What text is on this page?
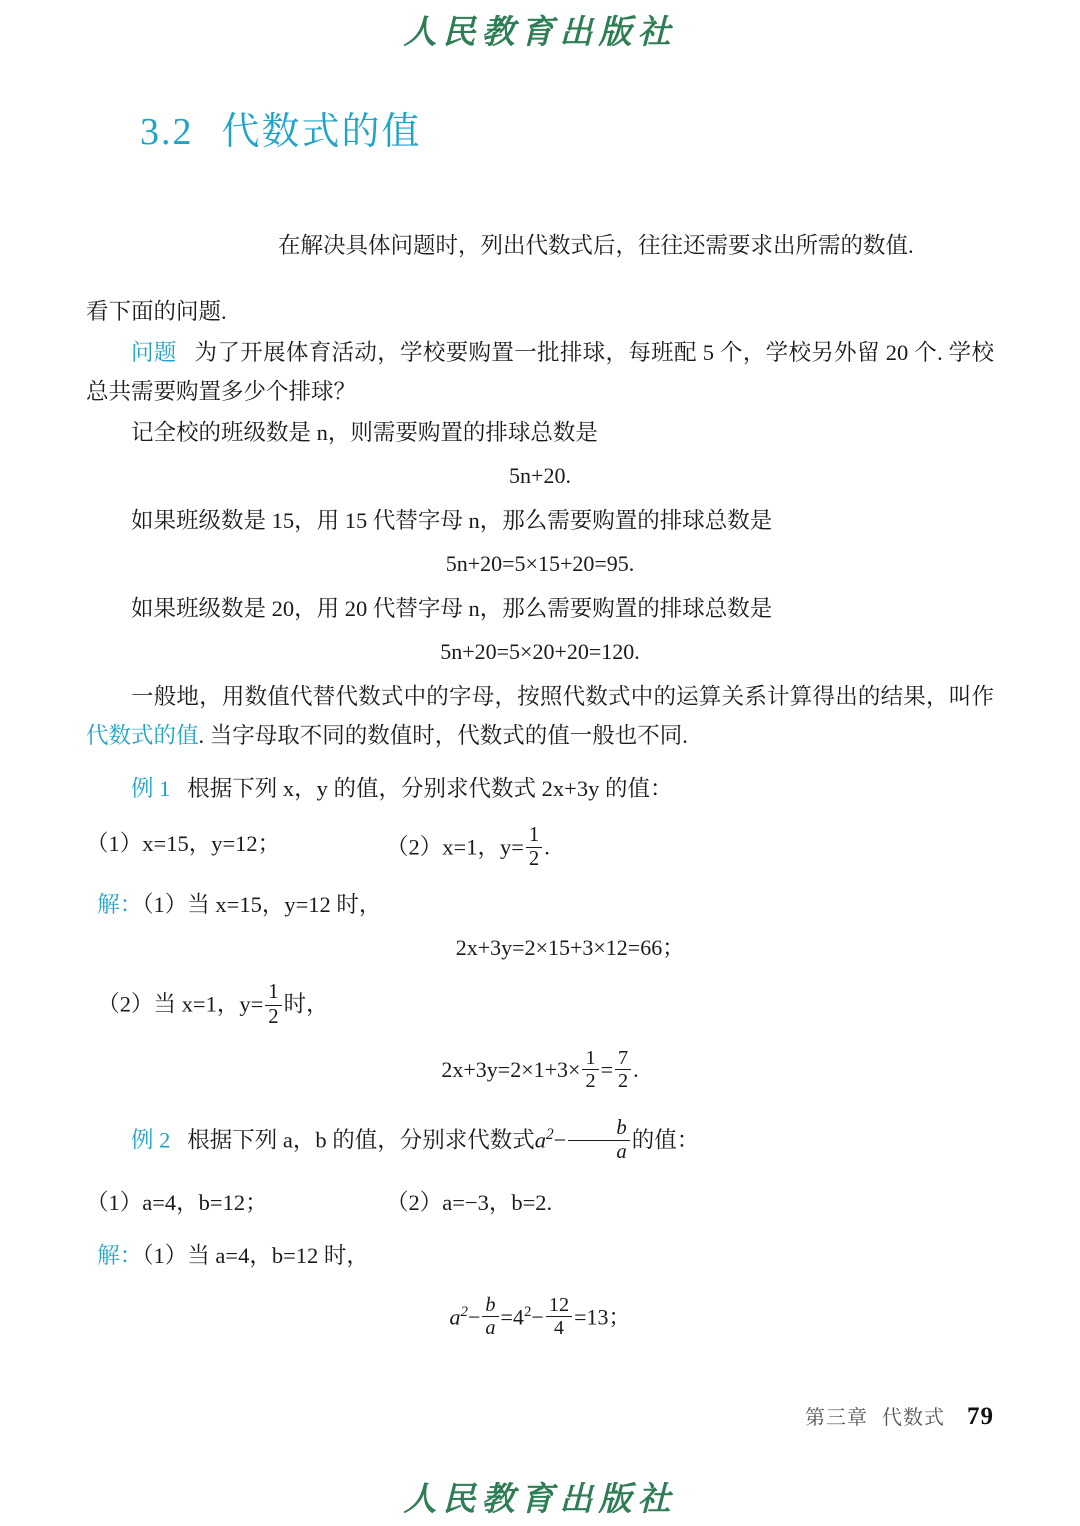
人民教育出版社
3.2 代数式的值

在解决具体问题时，列出代数式后，往往还需要求出所需的数值.

看下面的问题.

问题 为了开展体育活动，学校要购置一批排球，每班配 5 个，学校另外留 20 个. 学校总共需要购置多少个排球？

记全校的班级数是 n，则需要购置的排球总数是

5n+20.

如果班级数是 15，用 15 代替字母 n，那么需要购置的排球总数是

5n+20=5×15+20=95.

如果班级数是 20，用 20 代替字母 n，那么需要购置的排球总数是

5n+20=5×20+20=120.

一般地，用数值代替代数式中的字母，按照代数式中的运算关系计算得出的结果，叫作代数式的值. 当字母取不同的数值时，代数式的值一般也不同.

例 1 根据下列 x，y 的值，分别求代数式 2x+3y 的值：

（1）x=15，y=12；	（2）x=1，$y= \frac{1}{2}$ .

解：（1）当 x=15，y=12 时，

2x+3y=2×15+3×12=66；

（2）当 x=1，$y= \frac{1}{2}$ 时，

$2x+3y=2\times 1+3\times \frac{1}{2} = \frac{7}{2}$ .

例 2 根据下列 a，b 的值，分别求代数式$a^2- \frac{b}{a}$ 的值：

（1）a=4，b=12；	（2）a=−3，b=2.

解：（1）当 a=4，b=12 时，

$a^2- \frac{b}{a} =4^2- \frac{12}{4} =13$；

第三章 代数式 79
人民教育出版社
